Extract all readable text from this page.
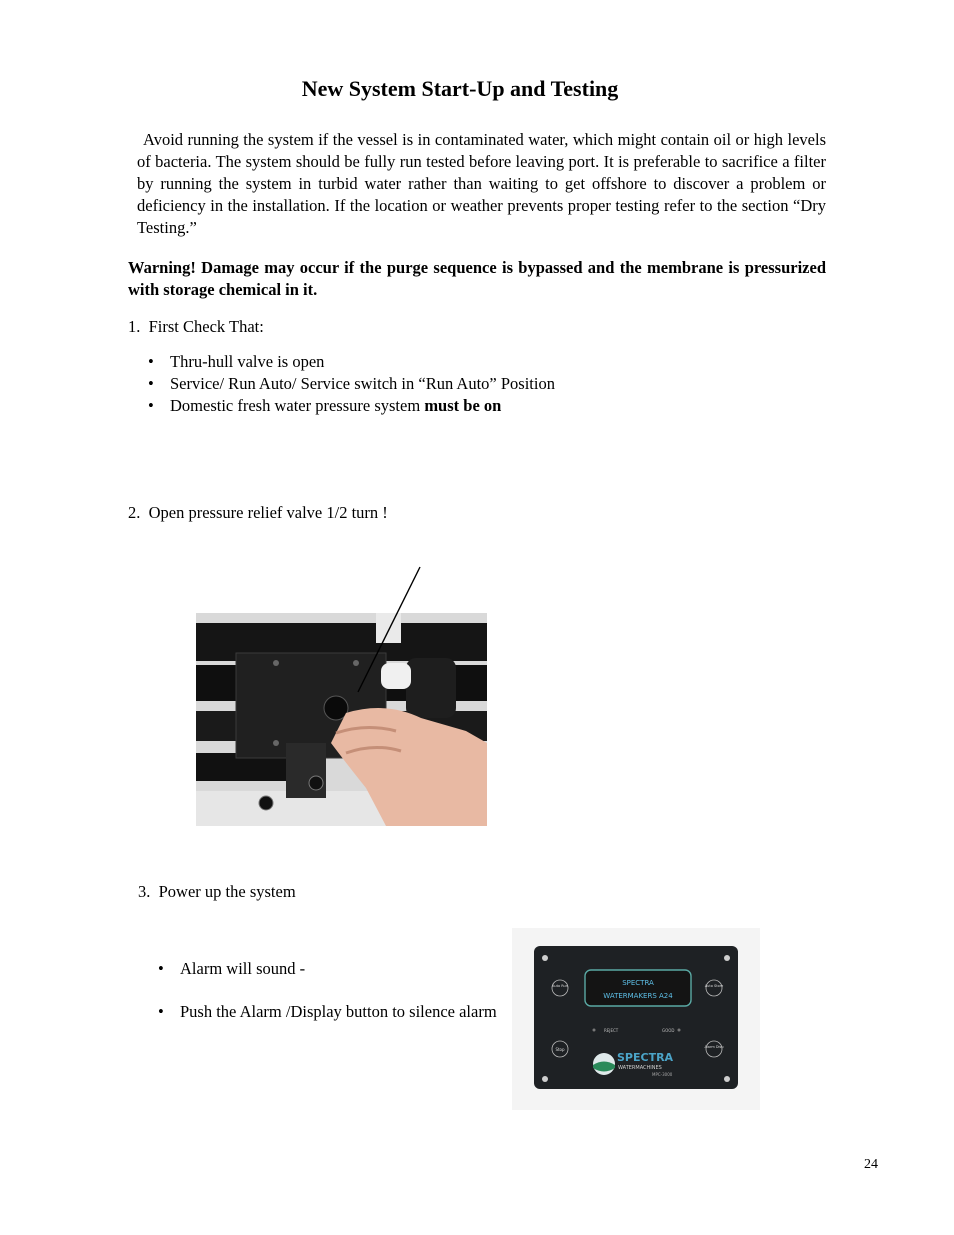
New System Start-Up and Testing

Avoid running the system if the vessel is in contaminated water, which might contain oil or high levels of bacteria. The system should be fully run tested before leaving port. It is preferable to sacrifice a filter by running the system in turbid water rather than waiting to get offshore to discover a problem or deficiency in the installation. If the location or weather prevents proper testing refer to the section “Dry Testing.”

Warning! Damage may occur if the purge sequence is bypassed and the membrane is pressurized with storage chemical in it.

1. First Check That:
• Thru-hull valve is open
• Service/ Run Auto/ Service switch in “Run Auto” Position
• Domestic fresh water pressure system must be on
2. Open pressure relief valve 1/2 turn !
3. Power up the system
• Alarm will sound -
• Push the Alarm /Display button to silence alarm
SPECTRA
WATERMAKERS A24
Auto Run	Auto Store
Stop	Alarm Disp
REJECT	GOOD
SPECTRA
WATERMACHINES
MPC-3000
24
